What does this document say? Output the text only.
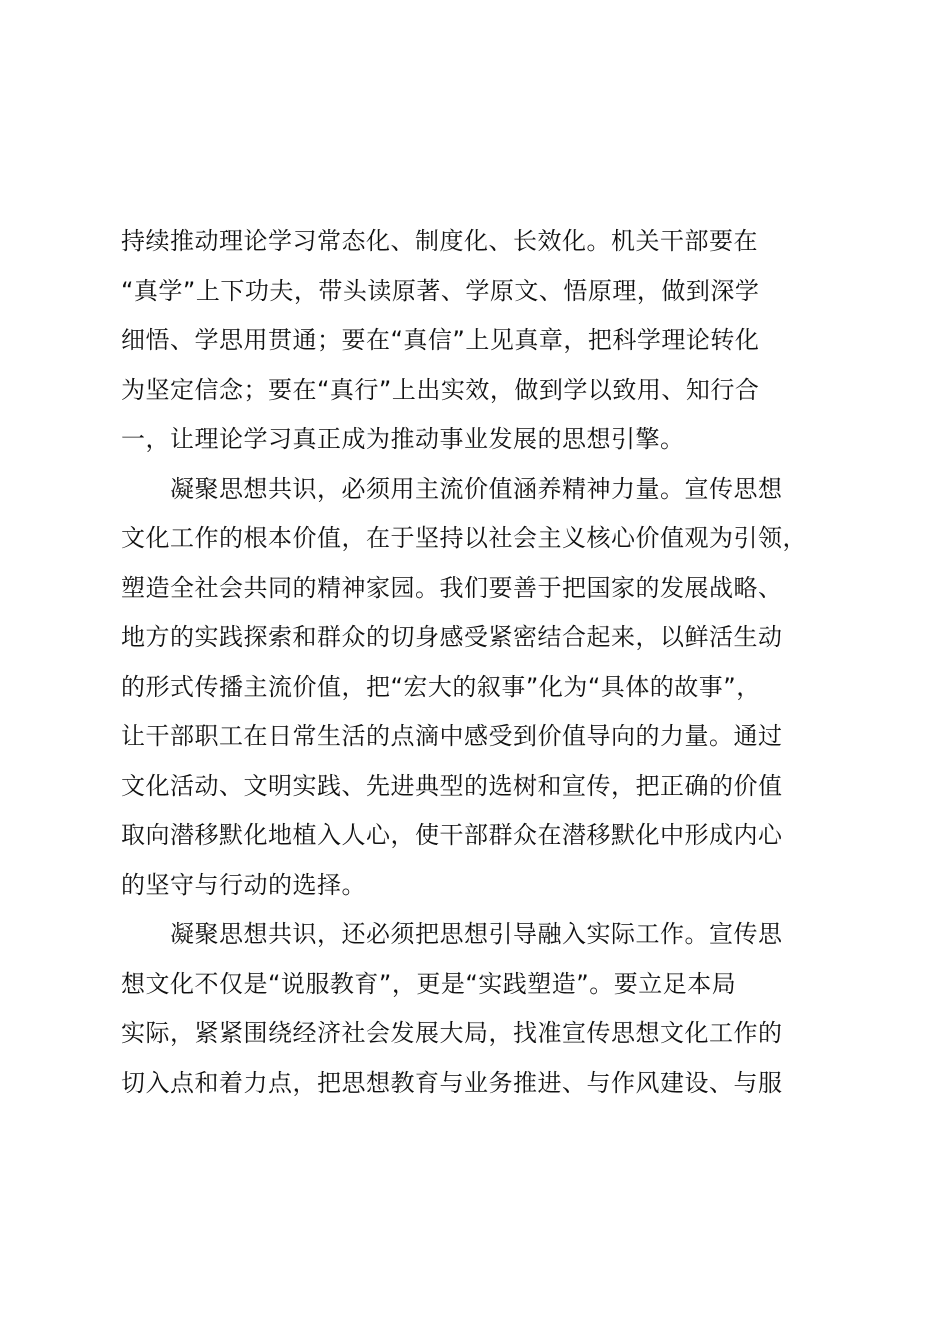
持续推动理论学习常态化、制度化、长效化。机关干部要在
“真学”上下功夫，带头读原著、学原文、悟原理，做到深学
细悟、学思用贯通；要在“真信”上见真章，把科学理论转化
为坚定信念；要在“真行”上出实效，做到学以致用、知行合
一，让理论学习真正成为推动事业发展的思想引擎。
　　凝聚思想共识，必须用主流价值涵养精神力量。宣传思想
文化工作的根本价值，在于坚持以社会主义核心价值观为引领，
塑造全社会共同的精神家园。我们要善于把国家的发展战略、
地方的实践探索和群众的切身感受紧密结合起来，以鲜活生动
的形式传播主流价值，把“宏大的叙事”化为“具体的故事”，
让干部职工在日常生活的点滴中感受到价值导向的力量。通过
文化活动、文明实践、先进典型的选树和宣传，把正确的价值
取向潜移默化地植入人心，使干部群众在潜移默化中形成内心
的坚守与行动的选择。
　　凝聚思想共识，还必须把思想引导融入实际工作。宣传思
想文化不仅是“说服教育”，更是“实践塑造”。要立足本局
实际，紧紧围绕经济社会发展大局，找准宣传思想文化工作的
切入点和着力点，把思想教育与业务推进、与作风建设、与服
